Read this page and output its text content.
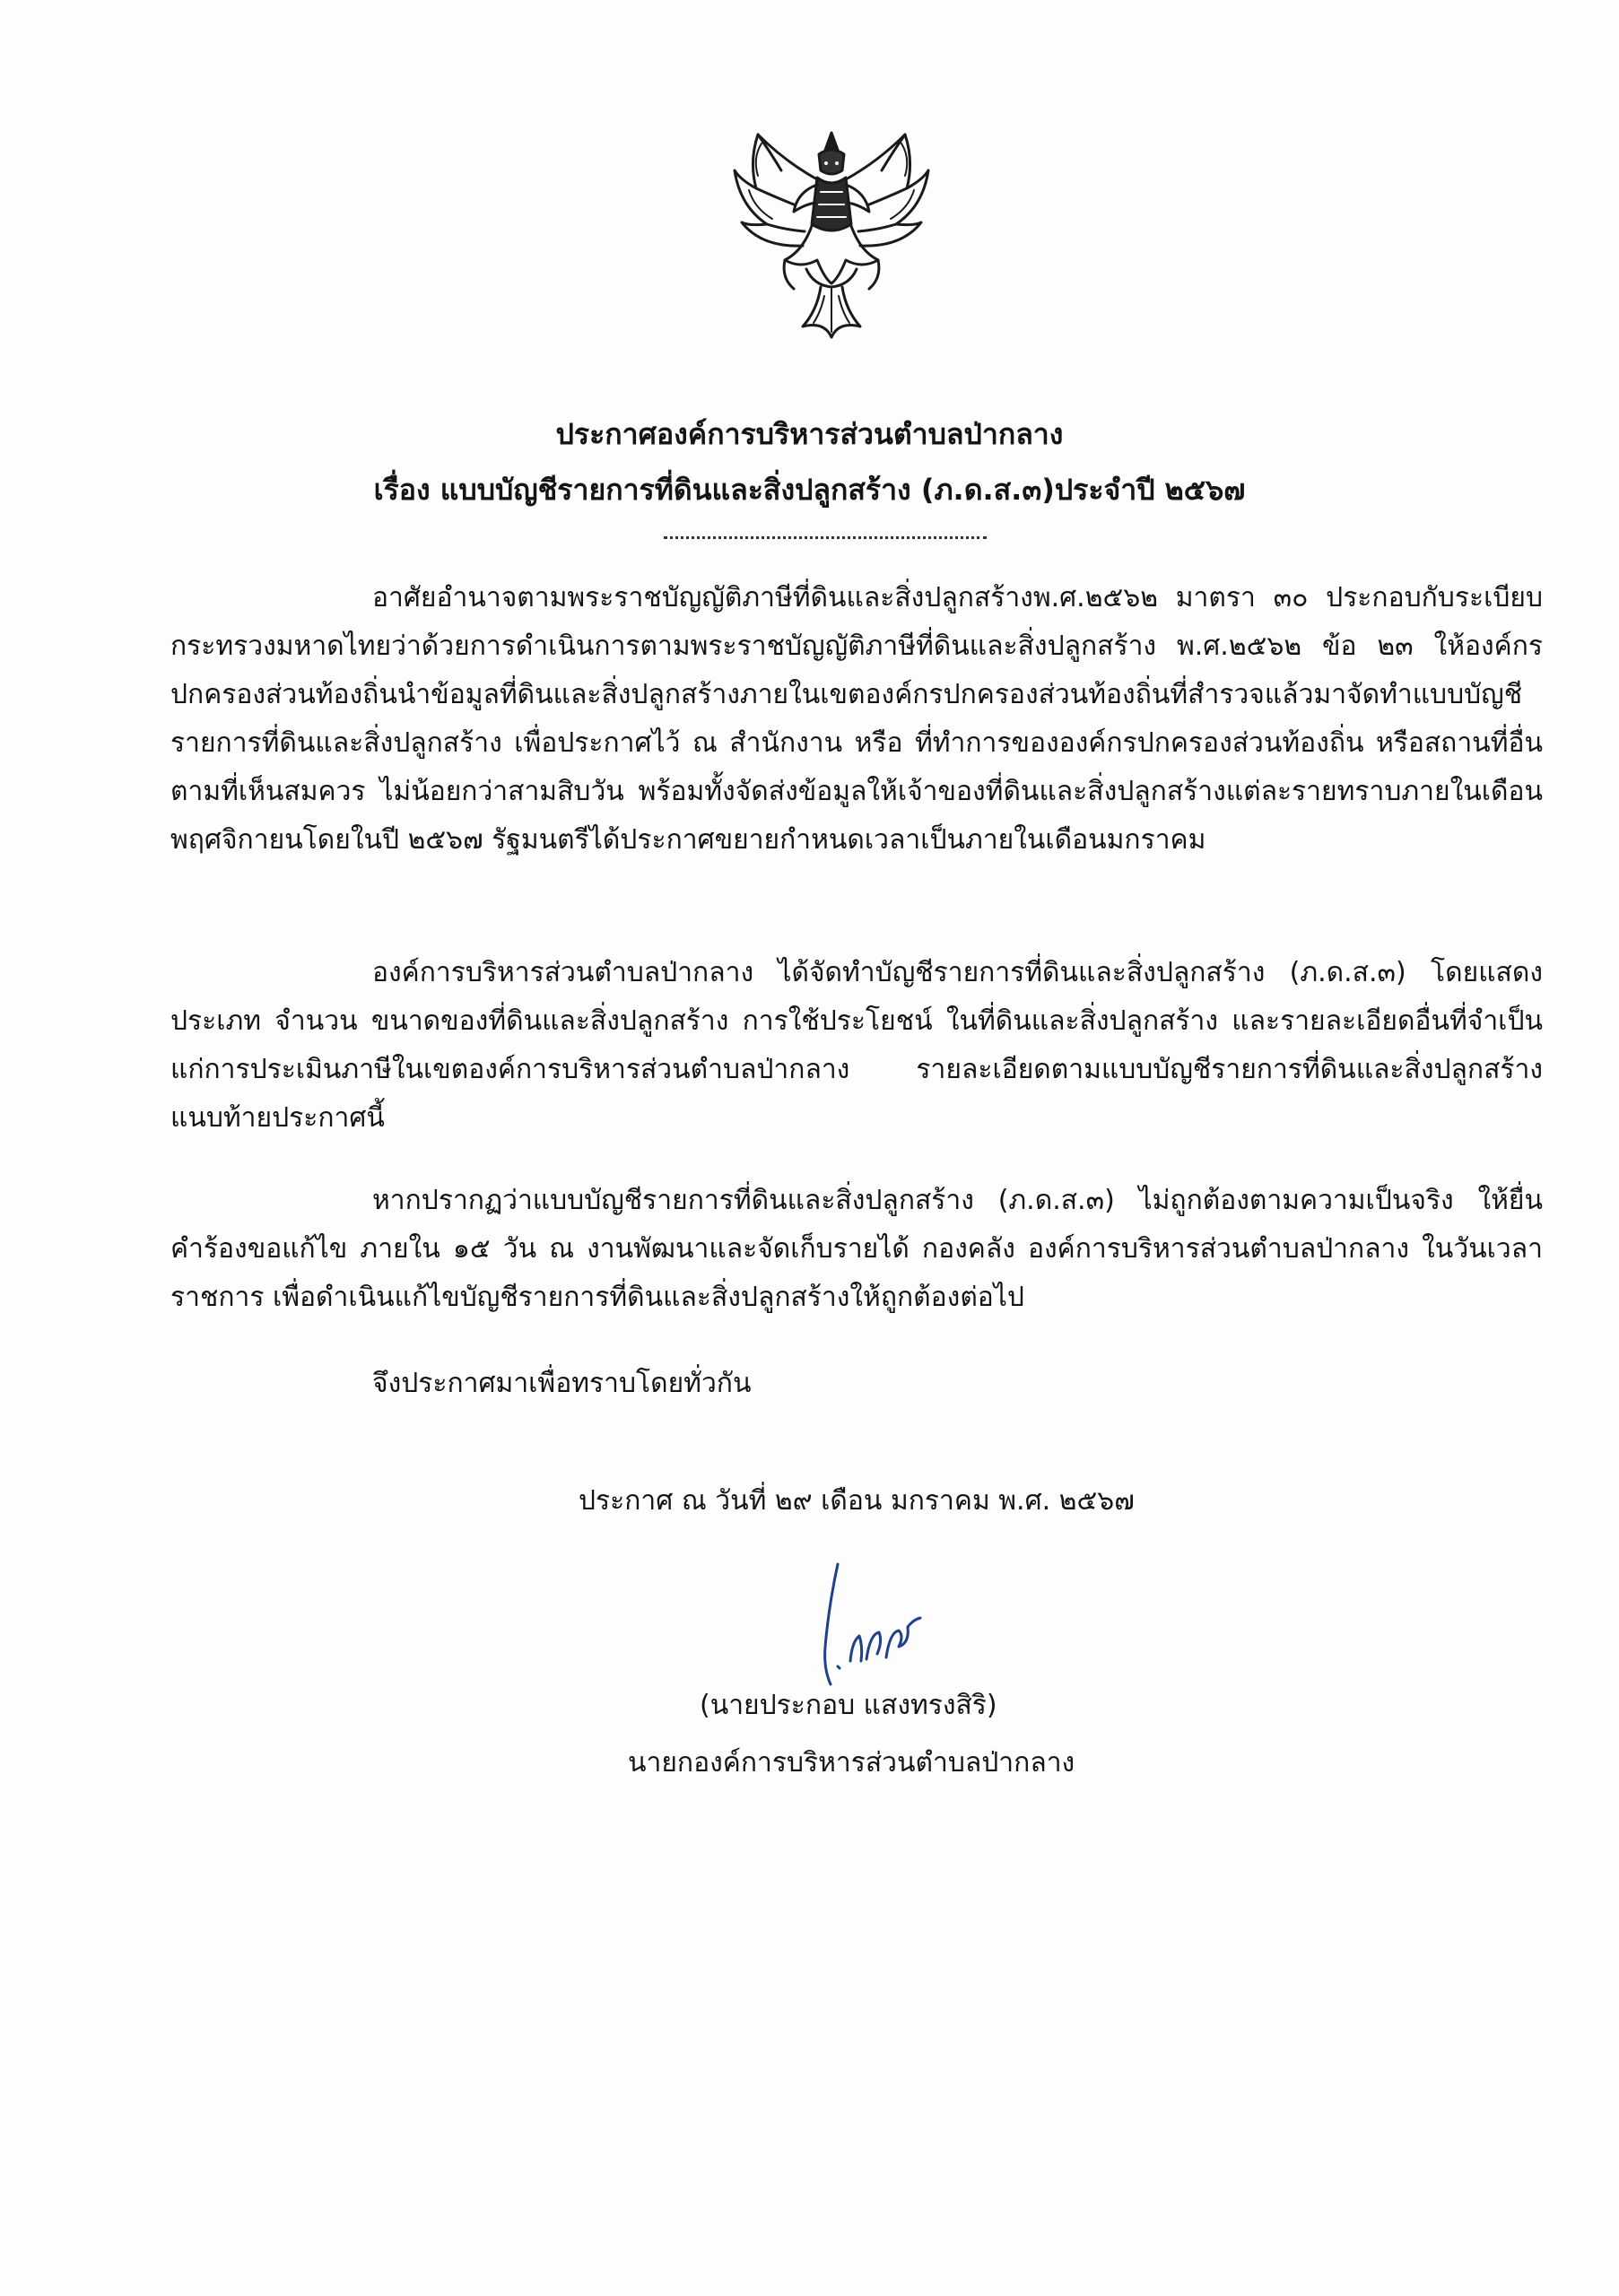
ประกาศองค์การบริหารส่วนตำบลป่ากลาง
เรื่อง แบบบัญชีรายการที่ดินและสิ่งปลูกสร้าง (ภ.ด.ส.๓)ประจำปี ๒๕๖๗
อาศัยอำนาจตามพระราชบัญญัติภาษีที่ดินและสิ่งปลูกสร้างพ.ศ.๒๕๖๒ มาตรา ๓๐ ประกอบกับระเบียบกระทรวงมหาดไทยว่าด้วยการดำเนินการตามพระราชบัญญัติภาษีที่ดินและสิ่งปลูกสร้าง พ.ศ.๒๕๖๒ ข้อ ๒๓ ให้องค์กรปกครองส่วนท้องถิ่นนำข้อมูลที่ดินและสิ่งปลูกสร้างภายในเขตองค์กรปกครองส่วนท้องถิ่นที่สำรวจแล้วมาจัดทำแบบบัญชีรายการที่ดินและสิ่งปลูกสร้าง เพื่อประกาศไว้ ณ สำนักงาน หรือ ที่ทำการขององค์กรปกครองส่วนท้องถิ่น หรือสถานที่อื่นตามที่เห็นสมควร ไม่น้อยกว่าสามสิบวัน พร้อมทั้งจัดส่งข้อมูลให้เจ้าของที่ดินและสิ่งปลูกสร้างแต่ละรายทราบภายในเดือนพฤศจิกายนโดยในปี ๒๕๖๗ รัฐมนตรีได้ประกาศขยายกำหนดเวลาเป็นภายในเดือนมกราคม
องค์การบริหารส่วนตำบลป่ากลาง ได้จัดทำบัญชีรายการที่ดินและสิ่งปลูกสร้าง (ภ.ด.ส.๓) โดยแสดงประเภท จำนวน ขนาดของที่ดินและสิ่งปลูกสร้าง การใช้ประโยชน์ ในที่ดินและสิ่งปลูกสร้าง และรายละเอียดอื่นที่จำเป็นแก่การประเมินภาษีในเขตองค์การบริหารส่วนตำบลป่ากลาง รายละเอียดตามแบบบัญชีรายการที่ดินและสิ่งปลูกสร้าง แนบท้ายประกาศนี้
หากปรากฏว่าแบบบัญชีรายการที่ดินและสิ่งปลูกสร้าง (ภ.ด.ส.๓) ไม่ถูกต้องตามความเป็นจริง ให้ยื่นคำร้องขอแก้ไข ภายใน ๑๕ วัน ณ งานพัฒนาและจัดเก็บรายได้ กองคลัง องค์การบริหารส่วนตำบลป่ากลาง ในวันเวลาราชการ เพื่อดำเนินแก้ไขบัญชีรายการที่ดินและสิ่งปลูกสร้างให้ถูกต้องต่อไป
จึงประกาศมาเพื่อทราบโดยทั่วกัน
ประกาศ ณ วันที่ ๒๙ เดือน มกราคม พ.ศ. ๒๕๖๗
(นายประกอบ แสงทรงสิริ)
นายกองค์การบริหารส่วนตำบลป่ากลาง
